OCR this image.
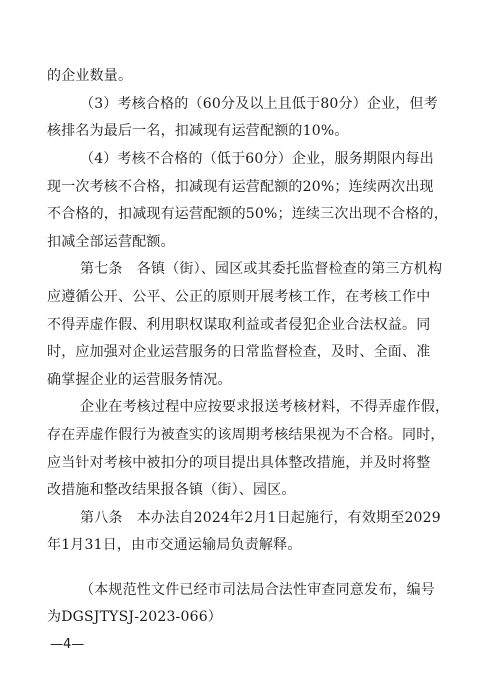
的企业数量。
（3）考核合格的（60分及以上且低于80分）企业，但考
核排名为最后一名，扣减现有运营配额的10%。
（4）考核不合格的（低于60分）企业，服务期限内每出
现一次考核不合格，扣减现有运营配额的20%；连续两次出现
不合格的，扣减现有运营配额的50%；连续三次出现不合格的，
扣减全部运营配额。
第七条　各镇（街）、园区或其委托监督检查的第三方机构
应遵循公开、公平、公正的原则开展考核工作，在考核工作中
不得弄虚作假、利用职权谋取利益或者侵犯企业合法权益。同
时，应加强对企业运营服务的日常监督检查，及时、全面、准
确掌握企业的运营服务情况。
企业在考核过程中应按要求报送考核材料，不得弄虚作假，
存在弄虚作假行为被查实的该周期考核结果视为不合格。同时，
应当针对考核中被扣分的项目提出具体整改措施，并及时将整
改措施和整改结果报各镇（街）、园区。
第八条　本办法自2024年2月1日起施行，有效期至2029
年1月31日，由市交通运输局负责解释。
（本规范性文件已经市司法局合法性审查同意发布，编号
为DGSJTYSJ-2023-066）
—4—
